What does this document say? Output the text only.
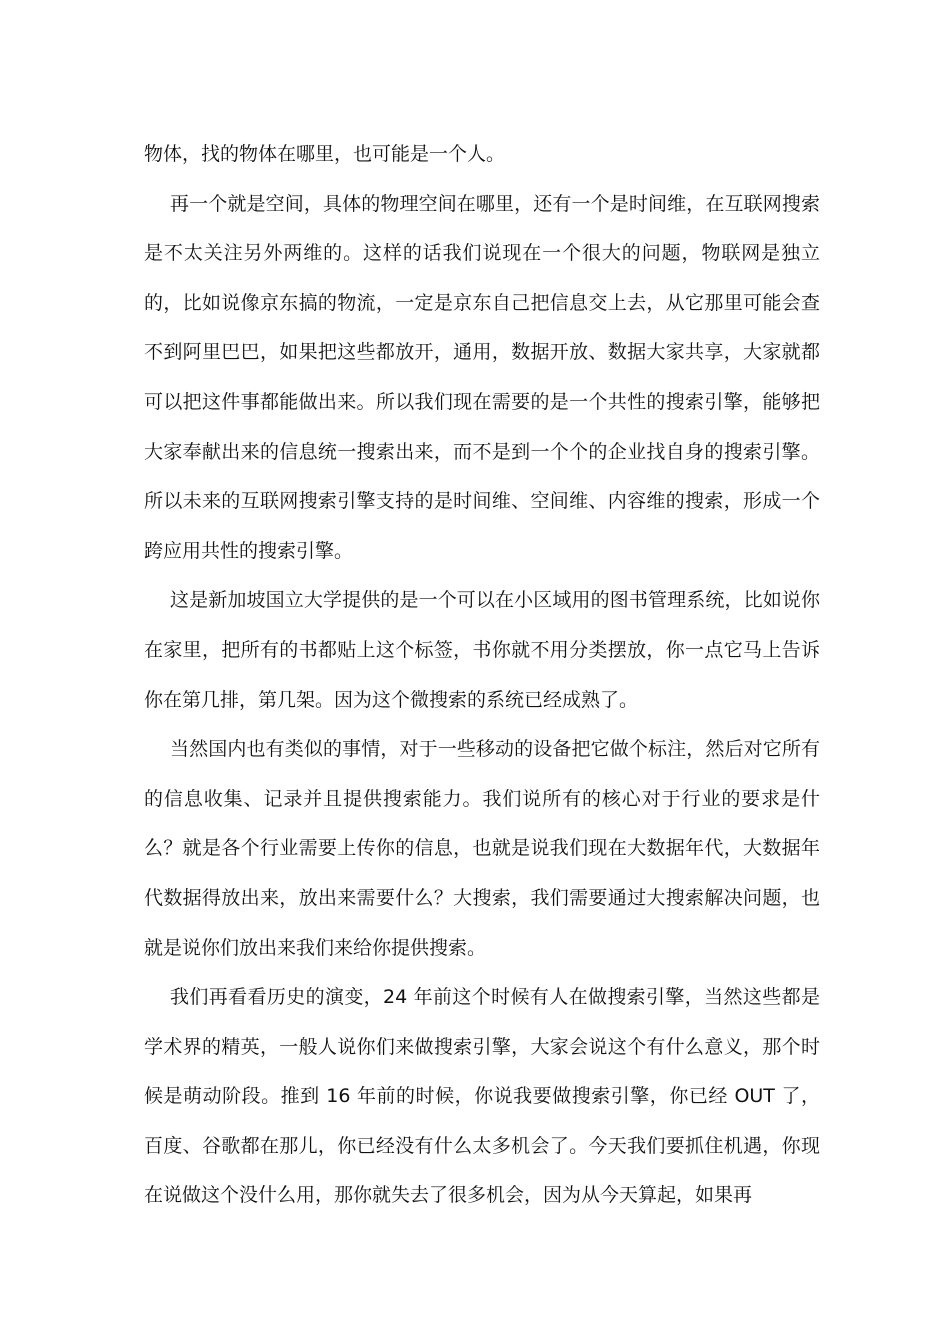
物体，找的物体在哪里，也可能是一个人。

再一个就是空间，具体的物理空间在哪里，还有一个是时间维，在互联网搜索是不太关注另外两维的。这样的话我们说现在一个很大的问题，物联网是独立的，比如说像京东搞的物流，一定是京东自己把信息交上去，从它那里可能会查不到阿里巴巴，如果把这些都放开，通用，数据开放、数据大家共享，大家就都可以把这件事都能做出来。所以我们现在需要的是一个共性的搜索引擎，能够把大家奉献出来的信息统一搜索出来，而不是到一个个的企业找自身的搜索引擎。所以未来的互联网搜索引擎支持的是时间维、空间维、内容维的搜索，形成一个跨应用共性的搜索引擎。

这是新加坡国立大学提供的是一个可以在小区域用的图书管理系统，比如说你在家里，把所有的书都贴上这个标签，书你就不用分类摆放，你一点它马上告诉你在第几排，第几架。因为这个微搜索的系统已经成熟了。

当然国内也有类似的事情，对于一些移动的设备把它做个标注，然后对它所有的信息收集、记录并且提供搜索能力。我们说所有的核心对于行业的要求是什么？就是各个行业需要上传你的信息，也就是说我们现在大数据年代，大数据年代数据得放出来，放出来需要什么？大搜索，我们需要通过大搜索解决问题，也就是说你们放出来我们来给你提供搜索。

我们再看看历史的演变，24 年前这个时候有人在做搜索引擎，当然这些都是学术界的精英，一般人说你们来做搜索引擎，大家会说这个有什么意义，那个时候是萌动阶段。推到 16 年前的时候，你说我要做搜索引擎，你已经 OUT 了，百度、谷歌都在那儿，你已经没有什么太多机会了。今天我们要抓住机遇，你现在说做这个没什么用，那你就失去了很多机会，因为从今天算起，如果再
